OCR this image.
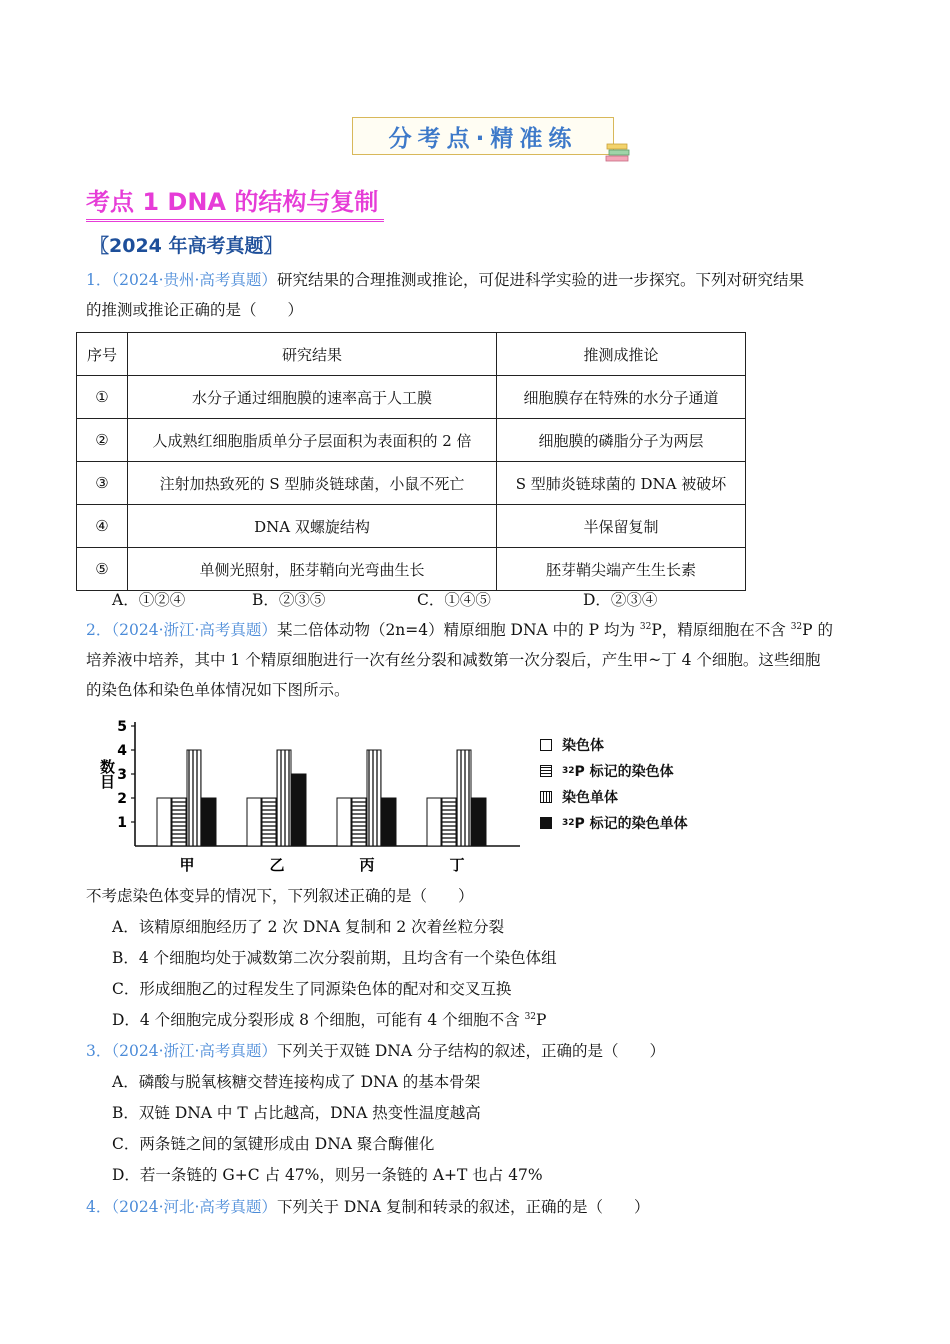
分考点·精准练
考点 1 DNA 的结构与复制
〖2024 年高考真题〗
1．（2024·贵州·高考真题）研究结果的合理推测或推论，可促进科学实验的进一步探究。下列对研究结果
的推测或推论正确的是（　　）
序号	研究结果	推测成推论
①	水分子通过细胞膜的速率高于人工膜	细胞膜存在特殊的水分子通道
②	人成熟红细胞脂质单分子层面积为表面积的 2 倍	细胞膜的磷脂分子为两层
③	注射加热致死的 S 型肺炎链球菌，小鼠不死亡	S 型肺炎链球菌的 DNA 被破坏
④	DNA 双螺旋结构	半保留复制
⑤	单侧光照射，胚芽鞘向光弯曲生长	胚芽鞘尖端产生生长素
A．①②④	B．②③⑤	C．①④⑤	D．②③④
2．（2024·浙江·高考真题）某二倍体动物（2n=4）精原细胞 DNA 中的 P 均为 $^{32}$P，精原细胞在不含 $^{32}$P 的
培养液中培养，其中 1 个精原细胞进行一次有丝分裂和减数第一次分裂后，产生甲~丁 4 个细胞。这些细胞
的染色体和染色单体情况如下图所示。
1
2
3
4
5
数目
甲	乙	丙	丁
染色体
32 P 标记的染色体
染色单体
32 P 标记的染色单体
不考虑染色体变异的情况下，下列叙述正确的是（　　）
A．该精原细胞经历了 2 次 DNA 复制和 2 次着丝粒分裂
B．4 个细胞均处于减数第二次分裂前期，且均含有一个染色体组
C．形成细胞乙的过程发生了同源染色体的配对和交叉互换
D．4 个细胞完成分裂形成 8 个细胞，可能有 4 个细胞不含 $^{32}$P
3．（2024·浙江·高考真题）下列关于双链 DNA 分子结构的叙述，正确的是（　　）
A．磷酸与脱氧核糖交替连接构成了 DNA 的基本骨架
B．双链 DNA 中 T 占比越高，DNA 热变性温度越高
C．两条链之间的氢键形成由 DNA 聚合酶催化
D．若一条链的 G+C 占 47%，则另一条链的 A+T 也占 47%
4．（2024·河北·高考真题）下列关于 DNA 复制和转录的叙述，正确的是（　　）
